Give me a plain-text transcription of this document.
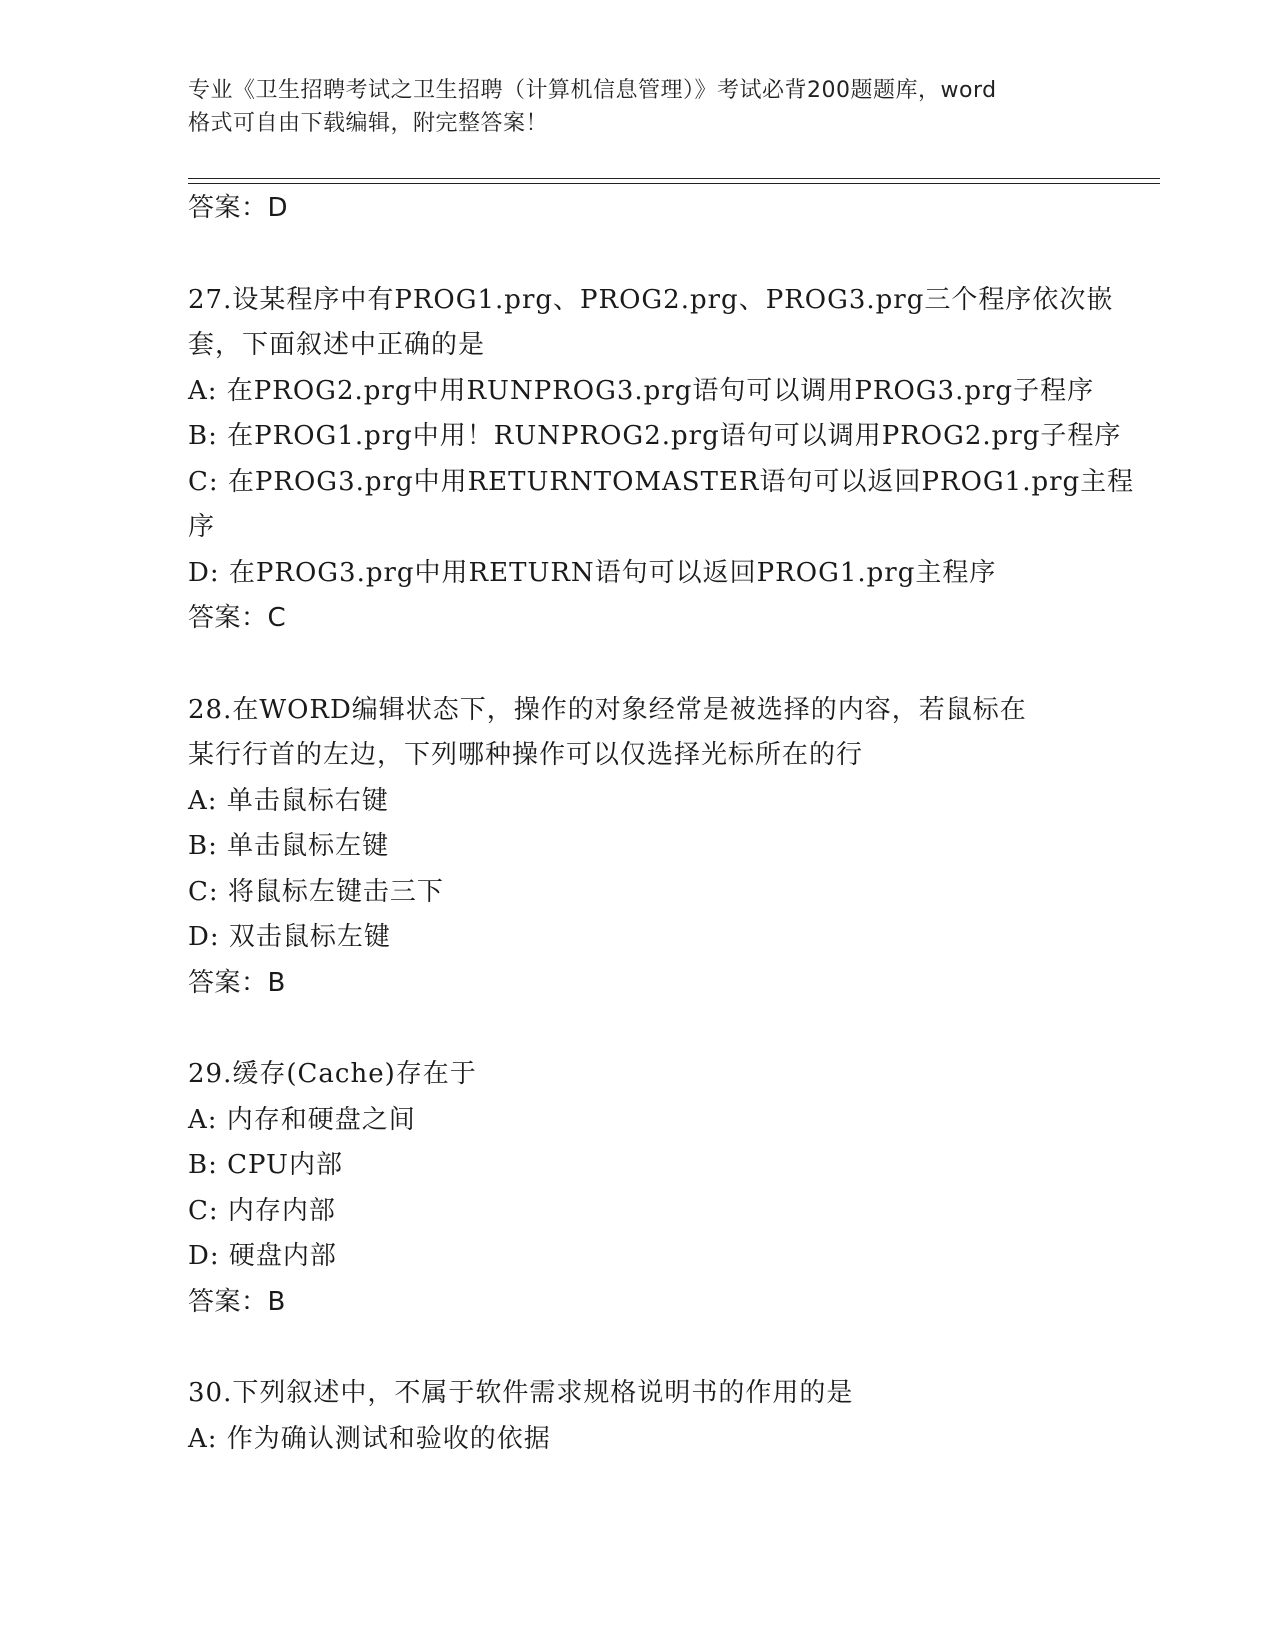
专业《卫生招聘考试之卫生招聘（计算机信息管理）》考试必背200题题库，word
格式可自由下载编辑，附完整答案！
答案：D
27.设某程序中有PROG1.prg、PROG2.prg、PROG3.prg三个程序依次嵌
套，下面叙述中正确的是
A: 在PROG2.prg中用RUNPROG3.prg语句可以调用PROG3.prg子程序
B: 在PROG1.prg中用！RUNPROG2.prg语句可以调用PROG2.prg子程序
C: 在PROG3.prg中用RETURNTOMASTER语句可以返回PROG1.prg主程
序
D: 在PROG3.prg中用RETURN语句可以返回PROG1.prg主程序
答案：C
28.在WORD编辑状态下，操作的对象经常是被选择的内容，若鼠标在
某行行首的左边，下列哪种操作可以仅选择光标所在的行
A: 单击鼠标右键
B: 单击鼠标左键
C: 将鼠标左键击三下
D: 双击鼠标左键
答案：B
29.缓存(Cache)存在于
A: 内存和硬盘之间
B: CPU内部
C: 内存内部
D: 硬盘内部
答案：B
30.下列叙述中，不属于软件需求规格说明书的作用的是
A: 作为确认测试和验收的依据
